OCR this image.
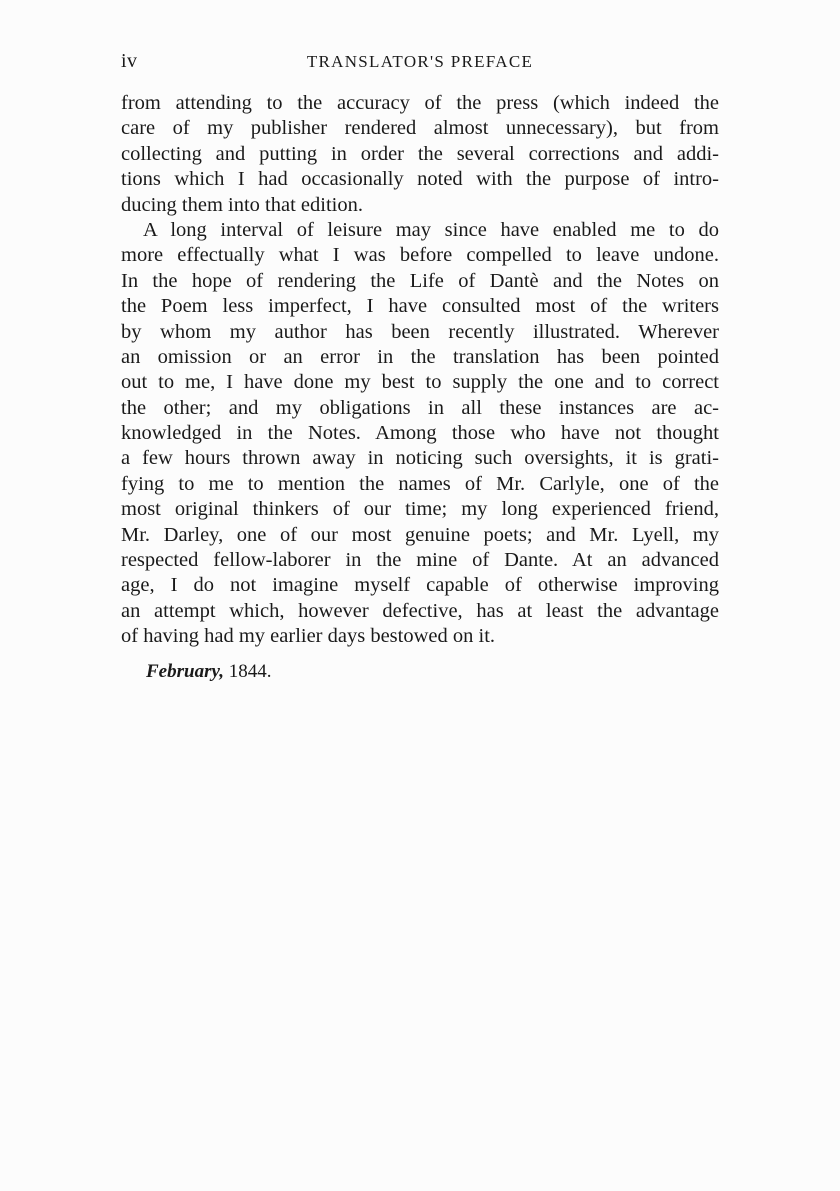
iv	TRANSLATOR'S PREFACE
from attending to the accuracy of the press (which indeed the
care of my publisher rendered almost unnecessary), but from
collecting and putting in order the several corrections and addi-
tions which I had occasionally noted with the purpose of intro-
ducing them into that edition.
A long interval of leisure may since have enabled me to do
more effectually what I was before compelled to leave undone.
In the hope of rendering the Life of Dantè and the Notes on
the Poem less imperfect, I have consulted most of the writers
by whom my author has been recently illustrated. Wherever
an omission or an error in the translation has been pointed
out to me, I have done my best to supply the one and to correct
the other; and my obligations in all these instances are ac-
knowledged in the Notes. Among those who have not thought
a few hours thrown away in noticing such oversights, it is grati-
fying to me to mention the names of Mr. Carlyle, one of the
most original thinkers of our time; my long experienced friend,
Mr. Darley, one of our most genuine poets; and Mr. Lyell, my
respected fellow-laborer in the mine of Dante. At an advanced
age, I do not imagine myself capable of otherwise improving
an attempt which, however defective, has at least the advantage
of having had my earlier days bestowed on it.
February, 1844.
